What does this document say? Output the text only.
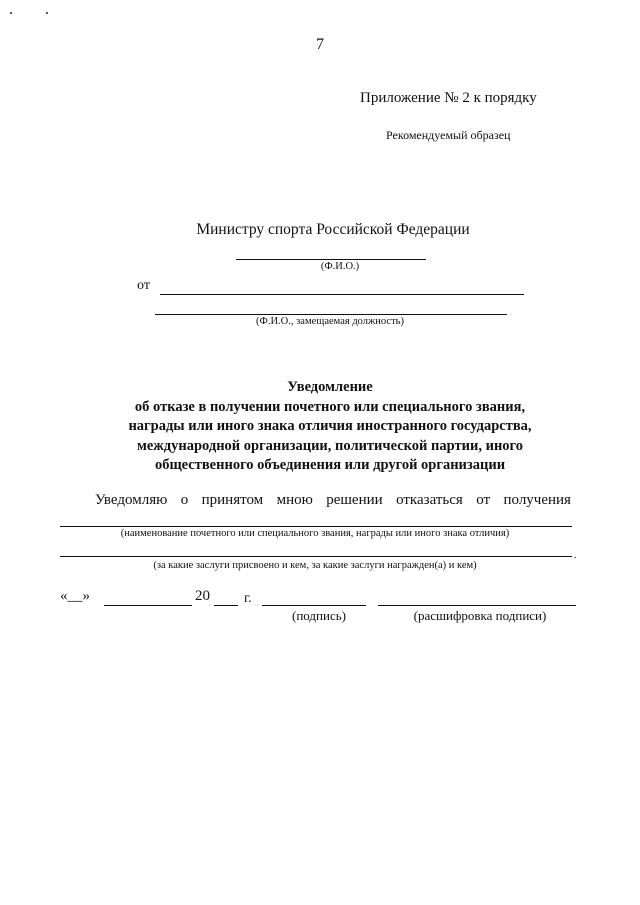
7
Приложение № 2 к порядку
Рекомендуемый образец
Министру спорта Российской Федерации
(Ф.И.О.)
от
(Ф.И.О., замещаемая должность)
Уведомление
об отказе в получении почетного или специального звания,
награды или иного знака отличия иностранного государства,
международной организации, политической партии, иного
общественного объединения или другой организации
Уведомляю о принятом мною решении отказаться от получения
(наименование почетного или специального звания, награды или иного знака отличия)
.
(за какие заслуги присвоено и кем, за какие заслуги награжден(а) и кем)
«__»	20 г.
(подпись)	(расшифровка подписи)
